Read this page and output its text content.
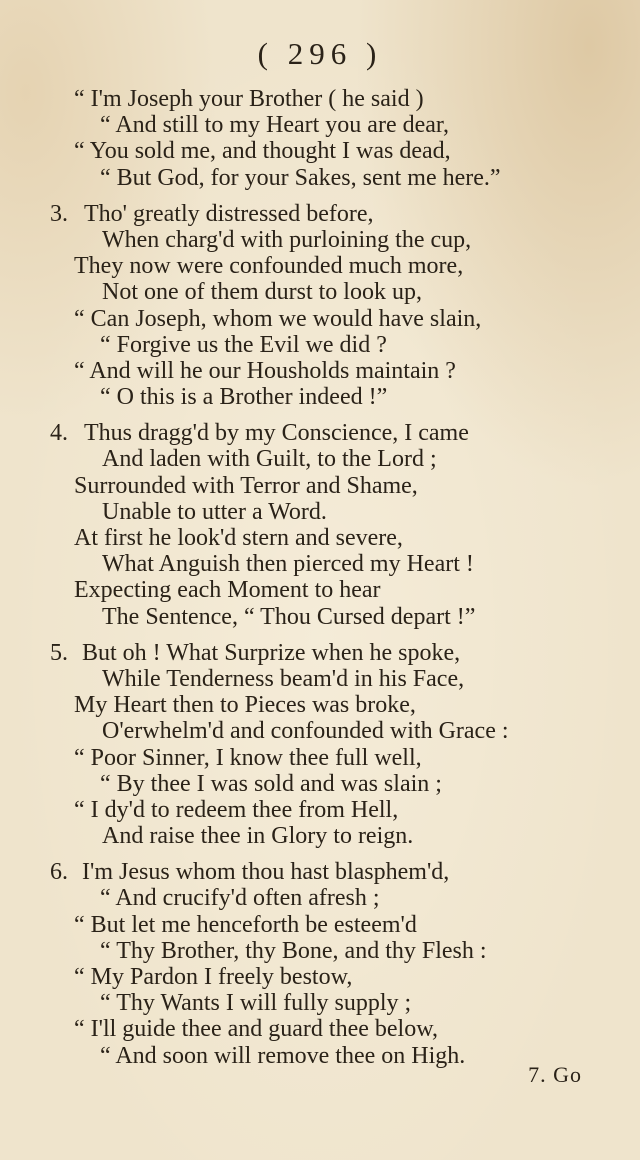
( 296 )
“ I'm Joseph your Brother ( he said )
“ And still to my Heart you are dear,
“ You sold me, and thought I was dead,
“ But God, for your Sakes, sent me here.”
3. Tho' greatly distressed before,
When charg'd with purloining the cup,
They now were confounded much more,
Not one of them durst to look up,
“ Can Joseph, whom we would have slain,
“ Forgive us the Evil we did ?
“ And will he our Housholds maintain ?
“ O this is a Brother indeed !”
4. Thus dragg'd by my Conscience, I came
And laden with Guilt, to the Lord ;
Surrounded with Terror and Shame,
Unable to utter a Word.
At first he look'd stern and severe,
What Anguish then pierced my Heart !
Expecting each Moment to hear
The Sentence, “ Thou Cursed depart !”
5. But oh ! What Surprize when he spoke,
While Tenderness beam'd in his Face,
My Heart then to Pieces was broke,
O'erwhelm'd and confounded with Grace :
“ Poor Sinner, I know thee full well,
“ By thee I was sold and was slain ;
“ I dy'd to redeem thee from Hell,
And raise thee in Glory to reign.
6. I'm Jesus whom thou hast blasphem'd,
“ And crucify'd often afresh ;
“ But let me henceforth be esteem'd
“ Thy Brother, thy Bone, and thy Flesh :
“ My Pardon I freely bestow,
“ Thy Wants I will fully supply ;
“ I'll guide thee and guard thee below,
“ And soon will remove thee on High.
7. Go
